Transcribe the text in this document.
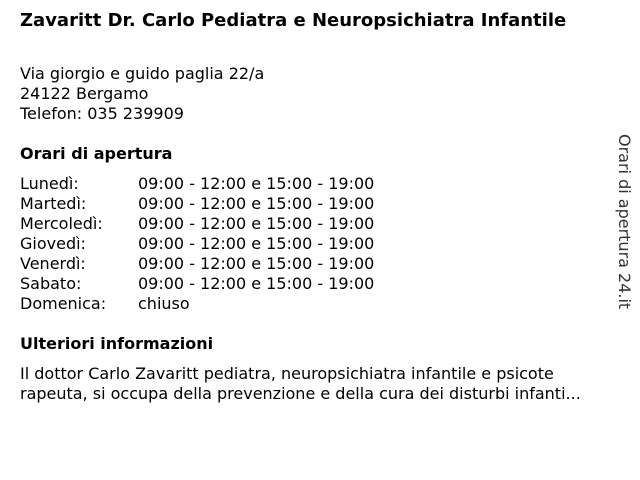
Zavaritt Dr. Carlo Pediatra e Neuropsichiatra Infantile
Via giorgio e guido paglia 22/a
24122 Bergamo
Telefon: 035 239909
Orari di apertura
Lunedì:	09:00 - 12:00 e 15:00 - 19:00
Martedì:	09:00 - 12:00 e 15:00 - 19:00
Mercoledì: 09:00 - 12:00 e 15:00 - 19:00
Giovedì:	09:00 - 12:00 e 15:00 - 19:00
Venerdì:	09:00 - 12:00 e 15:00 - 19:00
Sabato:	09:00 - 12:00 e 15:00 - 19:00
Domenica: chiuso
Ulteriori informazioni
Il dottor Carlo Zavaritt pediatra, neuropsichiatra infantile e psicote
rapeuta, si occupa della prevenzione e della cura dei disturbi infanti...
Orari di apertura 24.it
